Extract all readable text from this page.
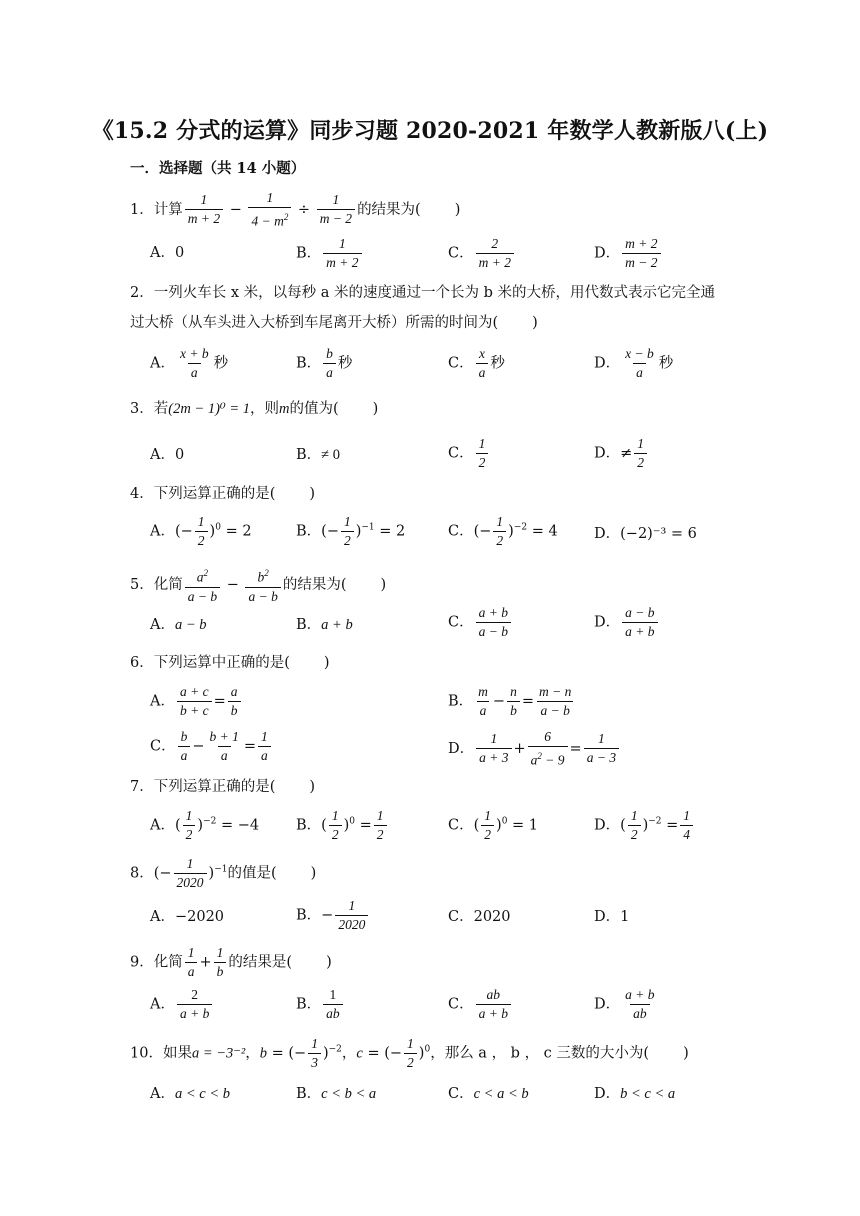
《15.2 分式的运算》同步习题 2020-2021 年数学人教新版八(上)
一．选择题（共 14 小题）
1．计算 $\frac{1}{m + 2} - \frac{1}{4 - m^2} \div \frac{1}{m - 2}$ 的结果为( )
A．0	B． $\frac{1}{m + 2}$	C． $\frac{2}{m + 2}$	D． $\frac{m + 2}{m - 2}$
2．一列火车长 x 米，以每秒 a 米的速度通过一个长为 b 米的大桥，用代数式表示它完全通
过大桥（从车头进入大桥到车尾离开大桥）所需的时间为( )
A． $\frac{x + b}{a}$ 秒	B． $\frac{b}{a}$ 秒	C． $\frac{x}{a}$ 秒	D． $\frac{x - b}{a}$ 秒
3．若(2m − 1)⁰ = 1，则m的值为( )
A．0	B．≠ 0	C． $\frac{1}{2}$	D．≠ $\frac{1}{2}$
4．下列运算正确的是( )
A．(− $\frac{1}{2} )^0 = 2$	B．(− $\frac{1}{2} )^{-1} = 2$	C．(− $\frac{1}{2} )^{-2} = 4$	D．(−2)⁻³ = 6
5．化简 $\frac{a^2}{a - b} - \frac{b^2}{a - b}$ 的结果为( )
A．a − b	B．a + b	C． $\frac{a + b}{a - b}$	D． $\frac{a - b}{a + b}$
6．下列运算中正确的是( )
A． $\frac{a + c}{b + c} = \frac{a}{b}$	B． $\frac{m}{a} - \frac{n}{b} = \frac{m - n}{a - b}$
C． $\frac{b}{a} - \frac{b + 1}{a} = \frac{1}{a}$	D． $\frac{1}{a + 3} + \frac{6}{a^2 - 9} = \frac{1}{a - 3}$
7．下列运算正确的是( )
A．( $\frac{1}{2} )^{-2} = -4$	B．( $\frac{1}{2} )^0 = \frac{1}{2}$	C．( $\frac{1}{2} )^0 = 1$	D．( $\frac{1}{2} )^{-2} = \frac{1}{4}$
8．(− $\frac{1}{2020} )^{-1}$的值是( )
A．−2020	B．− $\frac{1}{2020}$	C．2020	D．1
9．化简 $\frac{1}{a} + \frac{1}{b}$ 的结果是( )
A． $\frac{2}{a + b}$	B． $\frac{1}{ab}$	C． $\frac{ab}{a + b}$	D． $\frac{a + b}{ab}$
10．如果a = −3⁻²，b = (− $\frac{1}{3} )^{-2}$，c = (− $\frac{1}{2} )^0$，那么 a ， b ， c 三数的大小为( )
A．a < c < b	B．c < b < a	C．c < a < b	D．b < c < a
